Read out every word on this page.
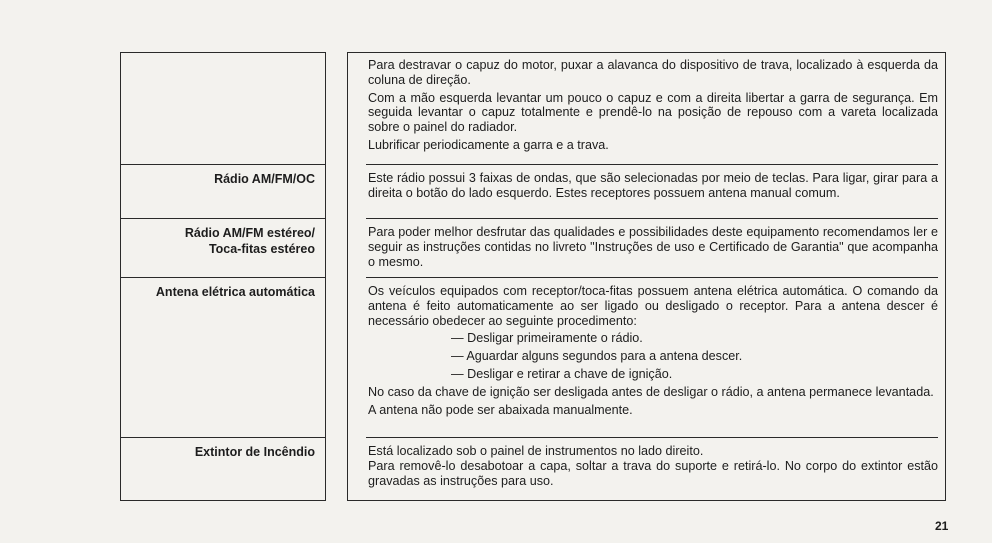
Rádio AM/FM/OC
Rádio AM/FM estéreo/
Toca-fitas estéreo
Antena elétrica automática
Extintor de Incêndio

Para destravar o capuz do motor, puxar a alavanca do dispositivo de trava, localizado à esquerda da coluna de direção.

Com a mão esquerda levantar um pouco o capuz e com a direita libertar a garra de segurança. Em seguida levantar o capuz totalmente e prendê-lo na posição de repouso com a vareta localizada sobre o painel do radiador.

Lubrificar periodicamente a garra e a trava.

Este rádio possui 3 faixas de ondas, que são selecionadas por meio de teclas. Para ligar, girar para a direita o botão do lado esquerdo. Estes receptores possuem antena manual comum.

Para poder melhor desfrutar das qualidades e possibilidades deste equipamento recomendamos ler e seguir as instruções contidas no livreto "Instruções de uso e Certificado de Garantia" que acompanha o mesmo.

Os veículos equipados com receptor/toca-fitas possuem antena elétrica automática. O comando da antena é feito automaticamente ao ser ligado ou desligado o receptor. Para a antena descer é necessário obedecer ao seguinte procedimento:

— Desligar primeiramente o rádio.

— Aguardar alguns segundos para a antena descer.

— Desligar e retirar a chave de ignição.

No caso da chave de ignição ser desligada antes de desligar o rádio, a antena permanece levantada.

A antena não pode ser abaixada manualmente.

Está localizado sob o painel de instrumentos no lado direito.

Para removê-lo desabotoar a capa, soltar a trava do suporte e retirá-lo. No corpo do extintor estão gravadas as instruções para uso.

21
